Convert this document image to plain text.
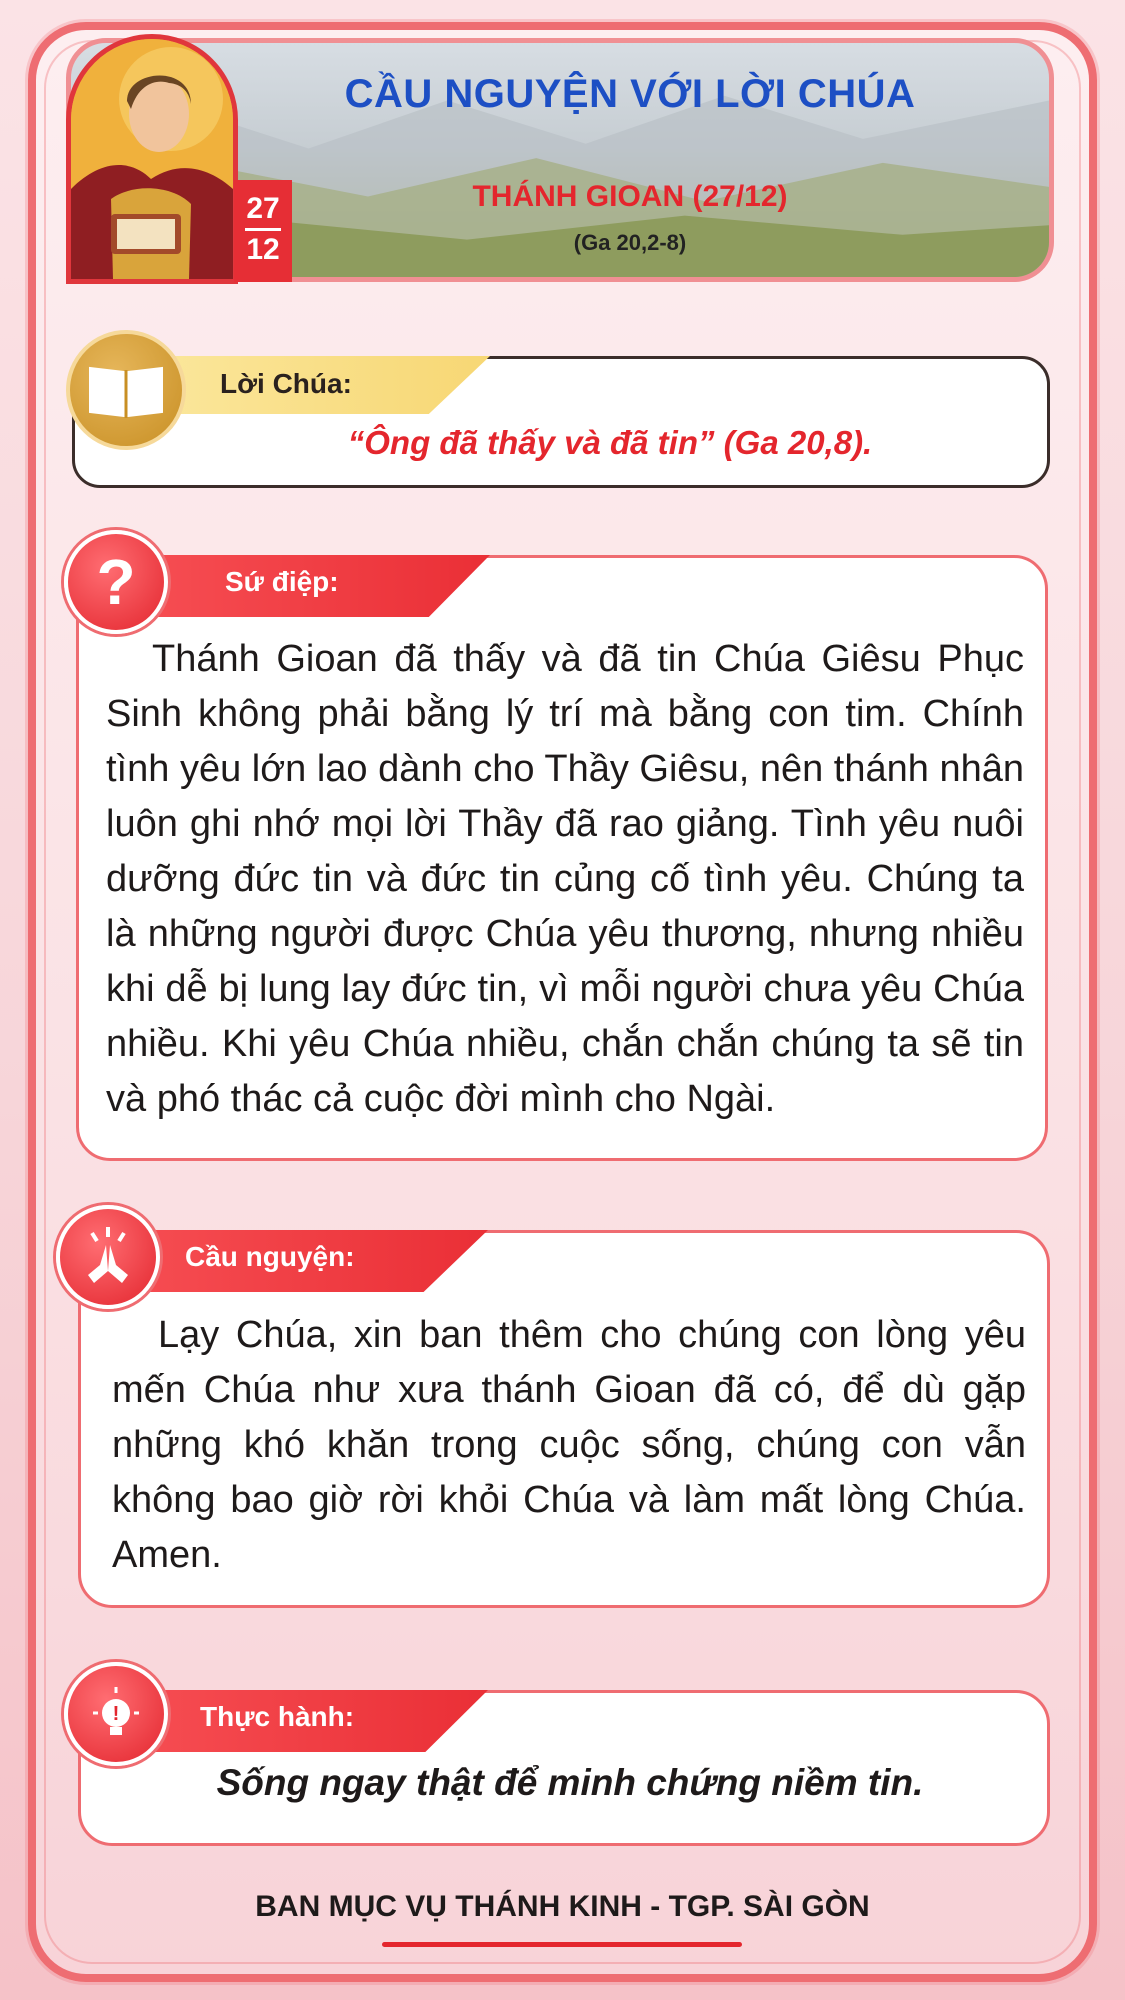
27
12
CẦU NGUYỆN VỚI LỜI CHÚA
THÁNH GIOAN (27/12)
(Ga 20,2-8)
Lời Chúa:
“Ông đã thấy và đã tin” (Ga 20,8).
Sứ điệp:
?
Thánh Gioan đã thấy và đã tin Chúa Giêsu Phục Sinh không phải bằng lý trí mà bằng con tim. Chính tình yêu lớn lao dành cho Thầy Giêsu, nên thánh nhân luôn ghi nhớ mọi lời Thầy đã rao giảng. Tình yêu nuôi dưỡng đức tin và đức tin củng cố tình yêu. Chúng ta là những người được Chúa yêu thương, nhưng nhiều khi dễ bị lung lay đức tin, vì mỗi người chưa yêu Chúa nhiều. Khi yêu Chúa nhiều, chắn chắn chúng ta sẽ tin và phó thác cả cuộc đời mình cho Ngài.
Cầu nguyện:
Lạy Chúa, xin ban thêm cho chúng con lòng yêu mến Chúa như xưa thánh Gioan đã có, để dù gặp những khó khăn trong cuộc sống, chúng con vẫn không bao giờ rời khỏi Chúa và làm mất lòng Chúa. Amen.
Thực hành:
!
Sống ngay thật để minh chứng niềm tin.
BAN MỤC VỤ THÁNH KINH - TGP. SÀI GÒN
